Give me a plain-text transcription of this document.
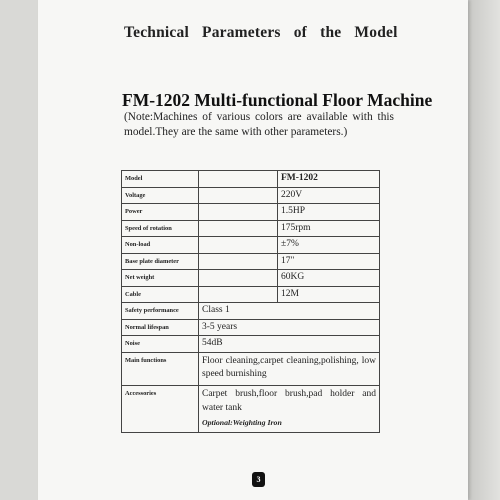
Technical Parameters of the Model
FM-1202 Multi-functional Floor Machine
(Note:Machines of various colors are available with this model.They are the same with other parameters.)
Model		FM-1202
Voltage		220V
Power		1.5HP
Speed of rotation		175rpm
Non-load		±7%
Base plate diameter		17"
Net weight		60KG
Cable		12M
Safety performance	Class 1	
Normal lifespan	3-5 years	
Noise	54dB	
Main functions	Floor cleaning,carpet cleaning,polishing, low speed burnishing	
Accessories	Carpet brush,floor brush,pad holder and water tank
Optional:Weighting Iron	
3
